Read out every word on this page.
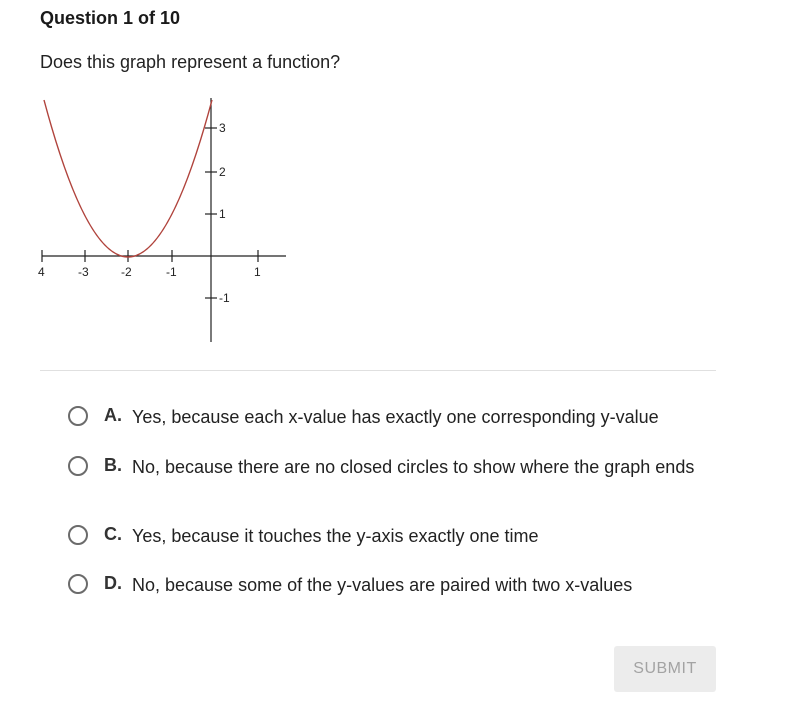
Question 1 of 10
Does this graph represent a function?
4	-3	-2	-1	1
3
2
1
-1
A. Yes, because each x-value has exactly one corresponding y-value
B. No, because there are no closed circles to show where the graph ends
C. Yes, because it touches the y-axis exactly one time
D. No, because some of the y-values are paired with two x-values
SUBMIT
